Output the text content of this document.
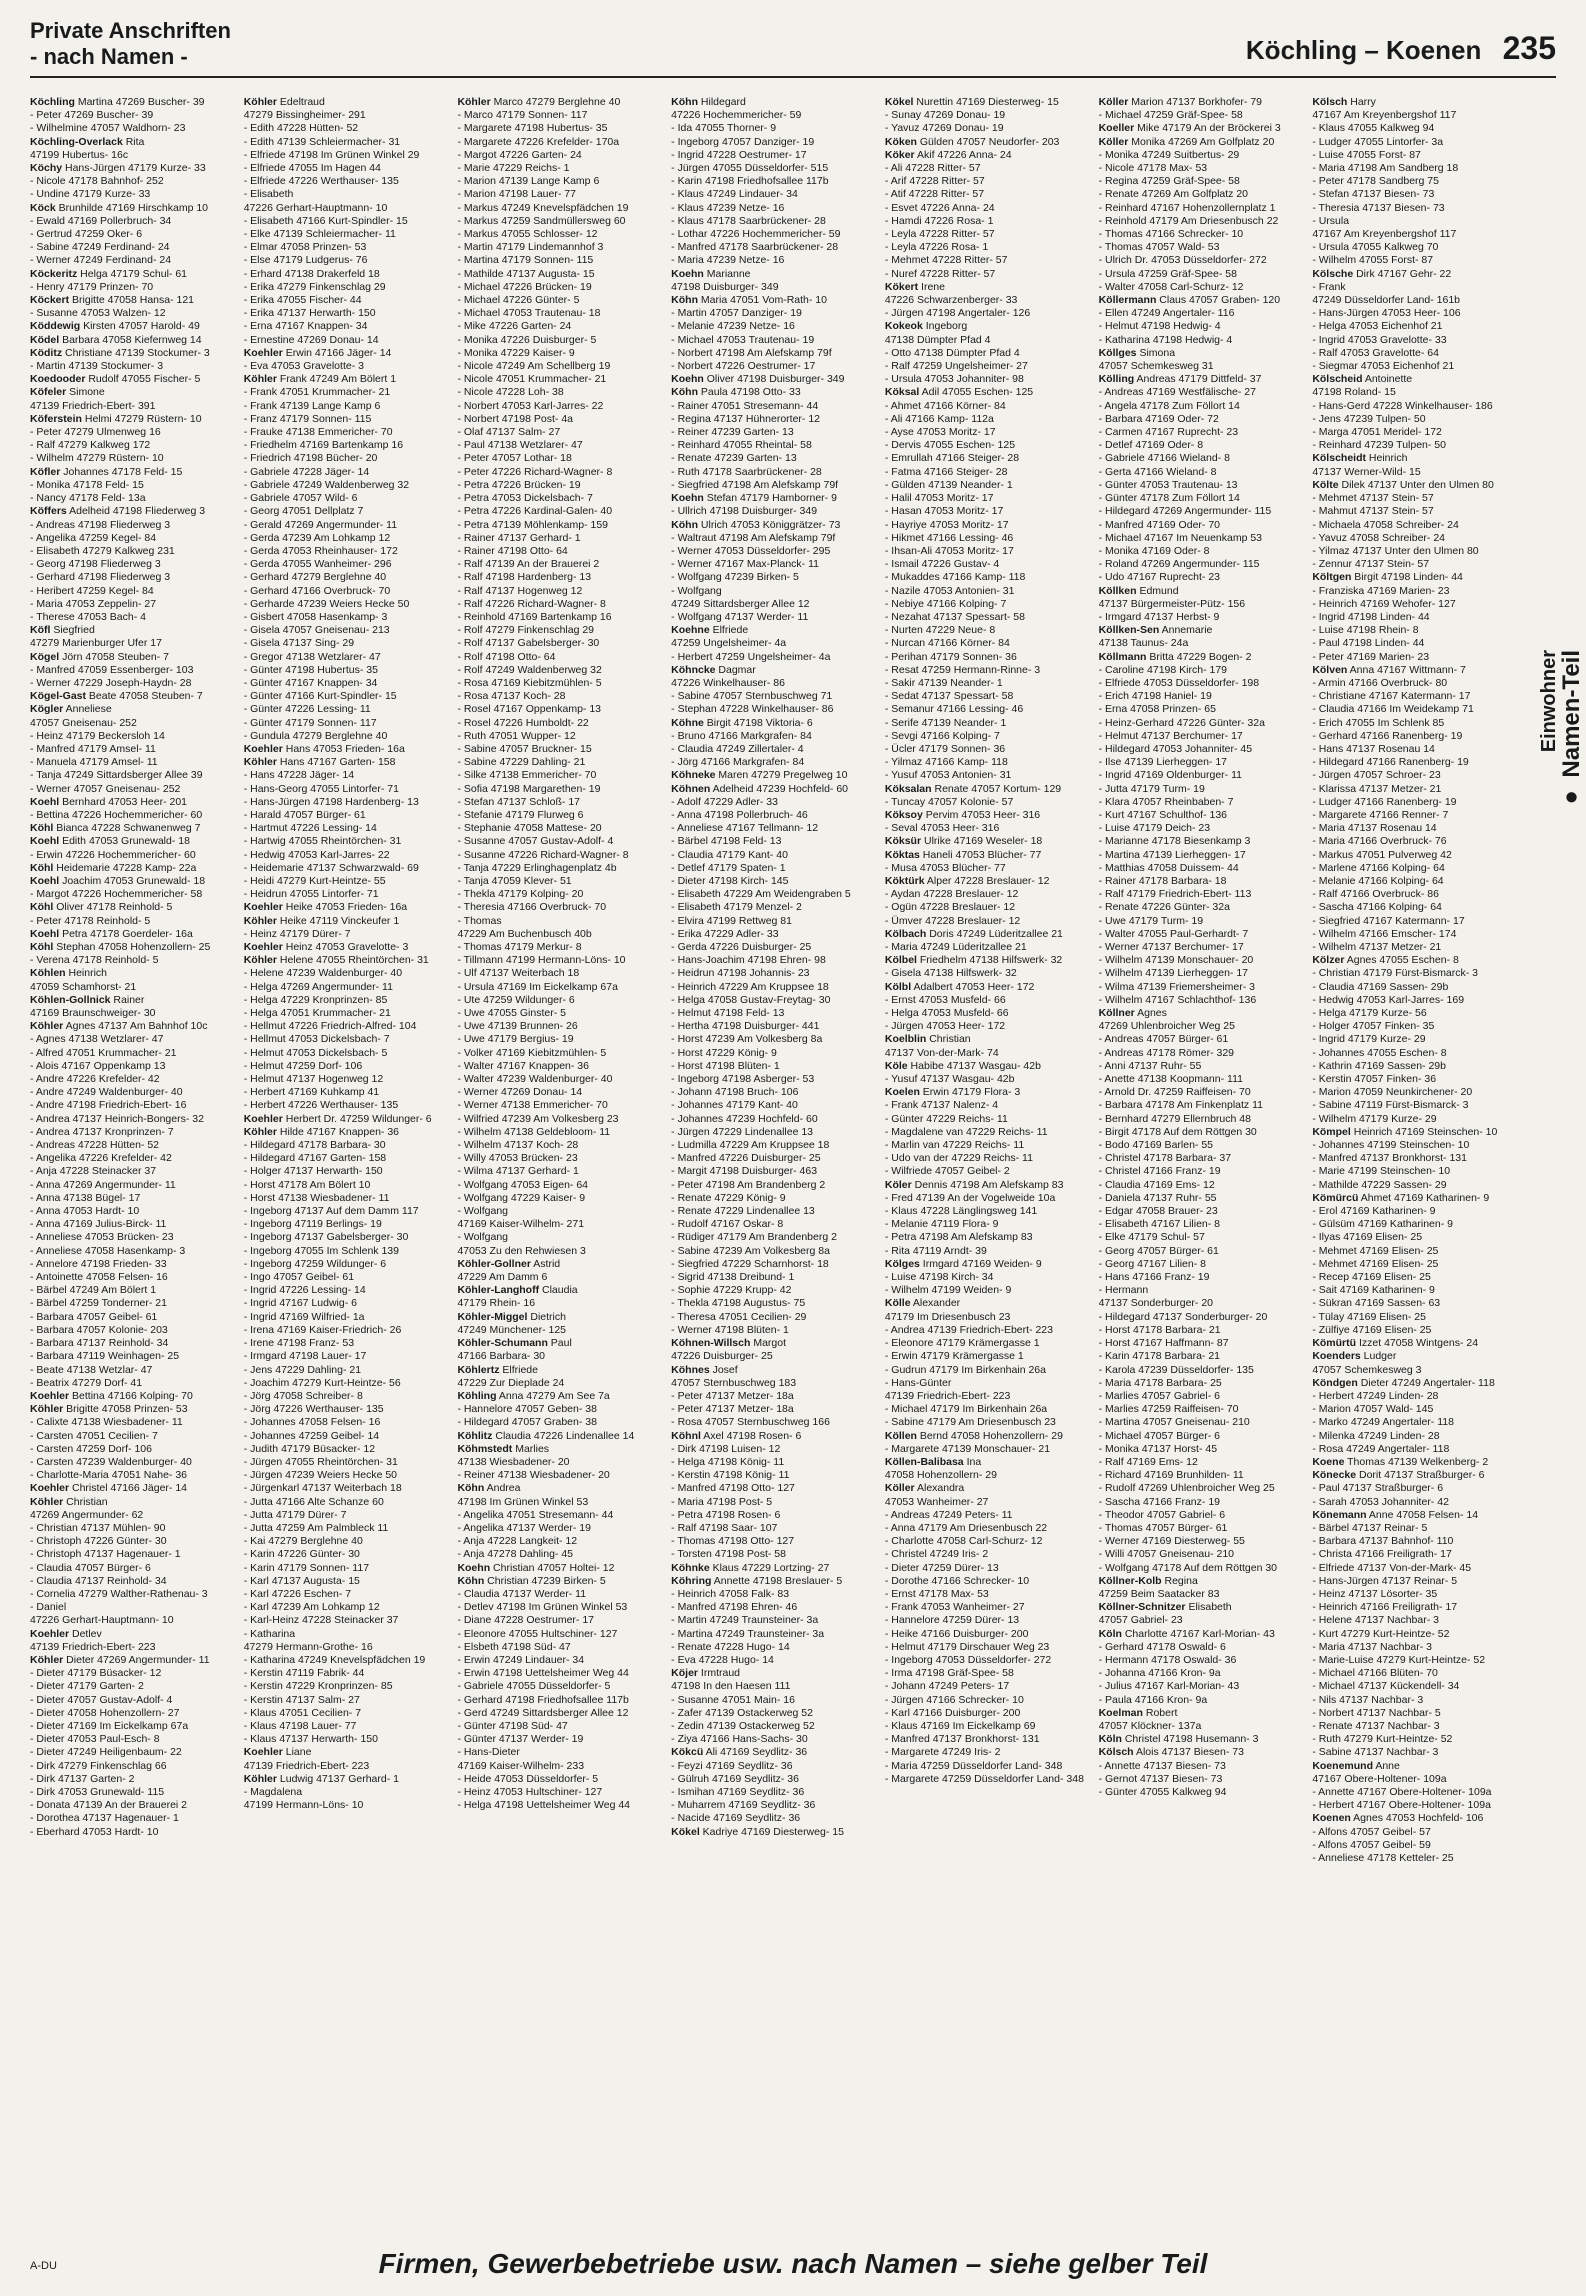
Private Anschriften
- nach Namen -	Köchling – Koenen 235
Köchling Martina 47269 Buscher- 39
- Peter 47269 Buscher- 39
- Wilhelmine 47057 Waldhorn- 23
Köchling-Overlack Rita
47199 Hubertus- 16c
Köchy Hans-Jürgen 47179 Kurze- 33
- Nicole 47178 Bahnhof- 252
- Undine 47179 Kurze- 33
Köck Brunhilde 47169 Hirschkamp 10
- Ewald 47169 Pollerbruch- 34
- Gertrud 47259 Oker- 6
- Sabine 47249 Ferdinand- 24
- Werner 47249 Ferdinand- 24
Köckeritz Helga 47179 Schul- 61
- Henry 47179 Prinzen- 70
Köckert Brigitte 47058 Hansa- 121
- Susanne 47053 Walzen- 12
Köddewig Kirsten 47057 Harold- 49
Ködel Barbara 47058 Kiefernweg 14
Köditz Christiane 47139 Stockumer- 3
- Martin 47139 Stockumer- 3
Koedooder Rudolf 47055 Fischer- 5
Köfeler Simone
47139 Friedrich-Ebert- 391
Köferstein Helmi 47279 Rüstern- 10
- Peter 47279 Ulmenweg 16
- Ralf 47279 Kalkweg 172
- Wilhelm 47279 Rüstern- 10
Köfler Johannes 47178 Feld- 15
- Monika 47178 Feld- 15
- Nancy 47178 Feld- 13a
Köffers Adelheid 47198 Fliederweg 3
- Andreas 47198 Fliederweg 3
- Angelika 47259 Kegel- 84
- Elisabeth 47279 Kalkweg 231
- Georg 47198 Fliederweg 3
- Gerhard 47198 Fliederweg 3
- Heribert 47259 Kegel- 84
- Maria 47053 Zeppelin- 27
- Therese 47053 Bach- 4
Köfl Siegfried
47279 Marienburger Ufer 17
Kögel Jörn 47058 Steuben- 7
- Manfred 47059 Essenberger- 103
- Werner 47229 Joseph-Haydn- 28
Kögel-Gast Beate 47058 Steuben- 7
Kögler Anneliese
47057 Gneisenau- 252
- Heinz 47179 Beckersloh 14
- Manfred 47179 Amsel- 11
- Manuela 47179 Amsel- 11
- Tanja 47249 Sittardsberger Allee 39
- Werner 47057 Gneisenau- 252
Koehl Bernhard 47053 Heer- 201
- Bettina 47226 Hochemmericher- 60
Köhl Bianca 47228 Schwanenweg 7
Koehl Edith 47053 Grunewald- 18
- Erwin 47226 Hochemmericher- 60
Köhl Heidemarie 47228 Kamp- 22a
Koehl Joachim 47053 Grunewald- 18
- Margot 47226 Hochemmericher- 58
Köhl Oliver 47178 Reinhold- 5
- Peter 47178 Reinhold- 5
Koehl Petra 47178 Goerdeler- 16a
Köhl Stephan 47058 Hohenzollern- 25
- Verena 47178 Reinhold- 5
Köhlen Heinrich
47059 Schamhorst- 21
Köhlen-Gollnick Rainer
47169 Braunschweiger- 30
Köhler Agnes 47137 Am Bahnhof 10c
- Agnes 47138 Wetzlarer- 47
- Alfred 47051 Krummacher- 21
- Alois 47167 Oppenkamp 13
- Andre 47226 Krefelder- 42
- Andre 47249 Waldenburger- 40
- Andre 47198 Friedrich-Ebert- 16
- Andrea 47137 Heinrich-Bongers- 32
- Andrea 47137 Kronprinzen- 7
- Andreas 47228 Hütten- 52
- Angelika 47226 Krefelder- 42
- Anja 47228 Steinacker 37
- Anna 47269 Angermunder- 11
- Anna 47138 Bügel- 17
- Anna 47053 Hardt- 10
- Anna 47169 Julius-Birck- 11
- Anneliese 47053 Brücken- 23
- Anneliese 47058 Hasenkamp- 3
- Annelore 47198 Frieden- 33
- Antoinette 47058 Felsen- 16
- Bärbel 47249 Am Bölert 1
- Bärbel 47259 Tonderner- 21
- Barbara 47057 Geibel- 61
- Barbara 47057 Kolonie- 203
- Barbara 47137 Reinhold- 34
- Barbara 47119 Weinhagen- 25
- Beate 47138 Wetzlar- 47
- Beatrix 47279 Dorf- 41
Koehler Bettina 47166 Kolping- 70
Köhler Brigitte 47058 Prinzen- 53
- Calixte 47138 Wiesbadener- 11
- Carsten 47051 Cecilien- 7
- Carsten 47259 Dorf- 106
- Carsten 47239 Waldenburger- 40
- Charlotte-Maria 47051 Nahe- 36
Koehler Christel 47166 Jäger- 14
Köhler Christian
47269 Angermunder- 62
- Christian 47137 Mühlen- 90
- Christoph 47226 Günter- 30
- Christoph 47137 Hagenauer- 1
- Claudia 47057 Bürger- 6
- Claudia 47137 Reinhold- 34
- Cornelia 47279 Walther-Rathenau- 3
- Daniel
47226 Gerhart-Hauptmann- 10
Koehler Detlev
47139 Friedrich-Ebert- 223
Köhler Dieter 47269 Angermunder- 11
- Dieter 47179 Büsacker- 12
- Dieter 47179 Garten- 2
- Dieter 47057 Gustav-Adolf- 4
- Dieter 47058 Hohenzollern- 27
- Dieter 47169 Im Eickelkamp 67a
- Dieter 47053 Paul-Esch- 8
- Dieter 47249 Heiligenbaum- 22
- Dirk 47279 Finkenschlag 66
- Dirk 47137 Garten- 2
- Dirk 47053 Grunewald- 115
- Donata 47139 An der Brauerei 2
- Dorothea 47137 Hagenauer- 1
- Eberhard 47053 Hardt- 10
Köhler Edeltraud
47279 Bissingheimer- 291
- Edith 47228 Hütten- 52
- Edith 47139 Schleiermacher- 31
- Elfriede 47198 Im Grünen Winkel 29
- Elfriede 47055 Im Hagen 44
- Elfriede 47226 Werthauser- 135
- Elisabeth
47226 Gerhart-Hauptmann- 10
- Elisabeth 47166 Kurt-Spindler- 15
- Elke 47139 Schleiermacher- 11
- Elmar 47058 Prinzen- 53
- Else 47179 Ludgerus- 76
- Erhard 47138 Drakerfeld 18
- Erika 47279 Finkenschlag 29
- Erika 47055 Fischer- 44
- Erika 47137 Herwarth- 150
- Erna 47167 Knappen- 34
- Ernestine 47269 Donau- 14
Koehler Erwin 47166 Jäger- 14
- Eva 47053 Gravelotte- 3
Köhler Frank 47249 Am Bölert 1
- Frank 47051 Krummacher- 21
- Frank 47139 Lange Kamp 6
- Franz 47179 Sonnen- 115
- Frauke 47138 Emmericher- 70
- Friedhelm 47169 Bartenkamp 16
- Friedrich 47198 Bücher- 20
- Gabriele 47228 Jäger- 14
- Gabriele 47249 Waldenberweg 32
- Gabriele 47057 Wild- 6
- Georg 47051 Dellplatz 7
- Gerald 47269 Angermunder- 11
- Gerda 47239 Am Lohkamp 12
- Gerda 47053 Rheinhauser- 172
- Gerda 47055 Wanheimer- 296
- Gerhard 47279 Berglehne 40
- Gerhard 47166 Overbruck- 70
- Gerharde 47239 Weiers Hecke 50
- Gisbert 47058 Hasenkamp- 3
- Gisela 47057 Gneisenau- 213
- Gisela 47137 Sing- 29
- Gregor 47138 Wetzlarer- 47
- Günter 47198 Hubertus- 35
- Günter 47167 Knappen- 34
- Günter 47166 Kurt-Spindler- 15
- Günter 47226 Lessing- 11
- Günter 47179 Sonnen- 117
- Gundula 47279 Berglehne 40
Koehler Hans 47053 Frieden- 16a
Köhler Hans 47167 Garten- 158
- Hans 47228 Jäger- 14
- Hans-Georg 47055 Lintorfer- 71
- Hans-Jürgen 47198 Hardenberg- 13
- Harald 47057 Bürger- 61
- Hartmut 47226 Lessing- 14
- Hartwig 47055 Rheintörchen- 31
- Hedwig 47053 Karl-Jarres- 22
- Heidemarie 47137 Schwarzwald- 69
- Heidi 47279 Kurt-Heintze- 55
- Heidrun 47055 Lintorfer- 71
Koehler Heike 47053 Frieden- 16a
Köhler Heike 47119 Vinckeufer 1
- Heinz 47179 Dürer- 7
Koehler Heinz 47053 Gravelotte- 3
Köhler Helene 47055 Rheintörchen- 31
- Helene 47239 Waldenburger- 40
- Helga 47269 Angermunder- 11
- Helga 47229 Kronprinzen- 85
- Helga 47051 Krummacher- 21
- Hellmut 47226 Friedrich-Alfred- 104
- Hellmut 47053 Dickelsbach- 7
- Helmut 47053 Dickelsbach- 5
- Helmut 47259 Dorf- 106
- Helmut 47137 Hogenweg 12
- Herbert 47169 Kuhkamp 41
- Herbert 47226 Werthauser- 135
Koehler Herbert Dr. 47259 Wildunger- 6
Köhler Hilde 47167 Knappen- 36
- Hildegard 47178 Barbara- 30
- Hildegard 47167 Garten- 158
- Holger 47137 Herwarth- 150
- Horst 47178 Am Bölert 10
- Horst 47138 Wiesbadener- 11
- Ingeborg 47137 Auf dem Damm 117
- Ingeborg 47119 Berlings- 19
- Ingeborg 47137 Gabelsberger- 30
- Ingeborg 47055 Im Schlenk 139
- Ingeborg 47259 Wildunger- 6
- Ingo 47057 Geibel- 61
- Ingrid 47226 Lessing- 14
- Ingrid 47167 Ludwig- 6
- Ingrid 47169 Wilfried- 1a
- Irena 47169 Kaiser-Friedrich- 26
- Irene 47198 Franz- 53
- Irmgard 47198 Lauer- 17
- Jens 47229 Dahling- 21
- Joachim 47279 Kurt-Heintze- 56
- Jörg 47058 Schreiber- 8
- Jörg 47226 Werthauser- 135
- Johannes 47058 Felsen- 16
- Johannes 47259 Geibel- 14
- Judith 47179 Büsacker- 12
- Jürgen 47055 Rheintörchen- 31
- Jürgen 47239 Weiers Hecke 50
- Jürgenkarl 47137 Weiterbach 18
- Jutta 47166 Alte Schanze 60
- Jutta 47179 Dürer- 7
- Jutta 47259 Am Palmbleck 11
- Kai 47279 Berglehne 40
- Karin 47226 Günter- 30
- Karin 47179 Sonnen- 117
- Karl 47137 Augusta- 15
- Karl 47226 Eschen- 7
- Karl 47239 Am Lohkamp 12
- Karl-Heinz 47228 Steinacker 37
- Katharina
47279 Hermann-Grothe- 16
- Katharina 47249 Knevelspfädchen 19
- Kerstin 47119 Fabrik- 44
- Kerstin 47229 Kronprinzen- 85
- Kerstin 47137 Salm- 27
- Klaus 47051 Cecilien- 7
- Klaus 47198 Lauer- 77
- Klaus 47137 Herwarth- 150
Koehler Liane
47139 Friedrich-Ebert- 223
Köhler Ludwig 47137 Gerhard- 1
- Magdalena
47199 Hermann-Löns- 10
Köhler Marco 47279 Berglehne 40
- Marco 47179 Sonnen- 117
- Margarete 47198 Hubertus- 35
- Margarete 47226 Krefelder- 170a
- Margot 47226 Garten- 24
- Marie 47229 Reichs- 1
- Marion 47139 Lange Kamp 6
- Marion 47198 Lauer- 77
- Markus 47249 Knevelspfädchen 19
- Markus 47259 Sandmüllersweg 60
- Markus 47055 Schlosser- 12
- Martin 47179 Lindemannhof 3
- Martina 47179 Sonnen- 115
- Mathilde 47137 Augusta- 15
- Michael 47226 Brücken- 19
- Michael 47226 Günter- 5
- Michael 47053 Trautenau- 18
- Mike 47226 Garten- 24
- Monika 47226 Duisburger- 5
- Monika 47229 Kaiser- 9
- Nicole 47249 Am Schellberg 19
- Nicole 47051 Krummacher- 21
- Nicole 47228 Loh- 38
- Norbert 47053 Karl-Jarres- 22
- Norbert 47198 Post- 4a
- Olaf 47137 Salm- 27
- Paul 47138 Wetzlarer- 47
- Peter 47057 Lothar- 18
- Peter 47226 Richard-Wagner- 8
- Petra 47226 Brücken- 19
- Petra 47053 Dickelsbach- 7
- Petra 47226 Kardinal-Galen- 40
- Petra 47139 Möhlenkamp- 159
- Rainer 47137 Gerhard- 1
- Rainer 47198 Otto- 64
- Ralf 47139 An der Brauerei 2
- Ralf 47198 Hardenberg- 13
- Ralf 47137 Hogenweg 12
- Ralf 47226 Richard-Wagner- 8
- Reinhold 47169 Bartenkamp 16
- Rolf 47279 Finkenschlag 29
- Rolf 47137 Gabelsberger- 30
- Rolf 47198 Otto- 64
- Rolf 47249 Waldenberweg 32
- Rosa 47169 Kiebitzmühlen- 5
- Rosa 47137 Koch- 28
- Rosel 47167 Oppenkamp- 13
- Rosel 47226 Humboldt- 22
- Ruth 47051 Wupper- 12
- Sabine 47057 Bruckner- 15
- Sabine 47229 Dahling- 21
- Silke 47138 Emmericher- 70
- Sofia 47198 Margarethen- 19
- Stefan 47137 Schloß- 17
- Stefanie 47179 Flurweg 6
- Stephanie 47058 Mattese- 20
- Susanne 47057 Gustav-Adolf- 4
- Susanne 47226 Richard-Wagner- 8
- Tanja 47229 Erlinghagenplatz 4b
- Tanja 47059 Klever- 51
- Thekla 47179 Kolping- 20
- Theresia 47166 Overbruck- 70
- Thomas
47229 Am Buchenbusch 40b
- Thomas 47179 Merkur- 8
- Tillmann 47199 Hermann-Löns- 10
- Ulf 47137 Weiterbach 18
- Ursula 47169 Im Eickelkamp 67a
- Ute 47259 Wildunger- 6
- Uwe 47055 Ginster- 5
- Uwe 47139 Brunnen- 26
- Uwe 47179 Bergius- 19
- Volker 47169 Kiebitzmühlen- 5
- Walter 47167 Knappen- 36
- Walter 47239 Waldenburger- 40
- Werner 47269 Donau- 14
- Werner 47138 Emmericher- 70
- Wilfried 47239 Am Volkesberg 23
- Wilhelm 47138 Geldebloom- 11
- Wilhelm 47137 Koch- 28
- Willy 47053 Brücken- 23
- Wilma 47137 Gerhard- 1
- Wolfgang 47053 Eigen- 64
- Wolfgang 47229 Kaiser- 9
- Wolfgang
47169 Kaiser-Wilhelm- 271
- Wolfgang
47053 Zu den Rehwiesen 3
Köhler-Gollner Astrid
47229 Am Damm 6
Köhler-Langhoff Claudia
47179 Rhein- 16
Köhler-Miggel Dietrich
47249 Münchener- 125
Köhler-Schumann Paul
47166 Barbara- 30
Köhlertz Elfriede
47229 Zur Dieplade 24
Köhling Anna 47279 Am See 7a
- Hannelore 47057 Geben- 38
- Hildegard 47057 Graben- 38
Köhlitz Claudia 47226 Lindenallee 14
Köhmstedt Marlies
47138 Wiesbadener- 20
- Reiner 47138 Wiesbadener- 20
Köhn Andrea
47198 Im Grünen Winkel 53
- Angelika 47051 Stresemann- 44
- Angelika 47137 Werder- 19
- Anja 47228 Langkeit- 12
- Anja 47278 Dahling- 45
Koehn Christian 47057 Holtei- 12
Köhn Christian 47239 Birken- 5
- Claudia 47137 Werder- 11
- Detlev 47198 Im Grünen Winkel 53
- Diane 47228 Oestrumer- 17
- Eleonore 47055 Hultschiner- 127
- Elsbeth 47198 Süd- 47
- Erwin 47249 Lindauer- 34
- Erwin 47198 Uettelsheimer Weg 44
- Gabriele 47055 Düsseldorfer- 5
- Gerhard 47198 Friedhofsallee 117b
- Gerd 47249 Sittardsberger Allee 12
- Günter 47198 Süd- 47
- Günter 47137 Werder- 19
- Hans-Dieter
47169 Kaiser-Wilhelm- 233
- Heide 47053 Düsseldorfer- 5
- Heinz 47053 Hultschiner- 127
- Helga 47198 Uettelsheimer Weg 44
Köhn Hildegard
47226 Hochemmericher- 59
- Ida 47055 Thorner- 9
- Ingeborg 47057 Danziger- 19
- Ingrid 47228 Oestrumer- 17
- Jürgen 47055 Düsseldorfer- 515
- Karin 47198 Friedhofsallee 117b
- Klaus 47249 Lindauer- 34
- Klaus 47239 Netze- 16
- Klaus 47178 Saarbrückener- 28
- Lothar 47226 Hochemmericher- 59
- Manfred 47178 Saarbrückener- 28
- Maria 47239 Netze- 16
Koehn Marianne
47198 Duisburger- 349
Köhn Maria 47051 Vom-Rath- 10
- Martin 47057 Danziger- 19
- Melanie 47239 Netze- 16
- Michael 47053 Trautenau- 19
- Norbert 47198 Am Alefskamp 79f
- Norbert 47226 Oestrumer- 17
Koehn Oliver 47198 Duisburger- 349
Köhn Paula 47198 Otto- 33
- Rainer 47051 Stresemann- 44
- Regina 47137 Hühnerorter- 12
- Reiner 47239 Garten- 13
- Reinhard 47055 Rheintal- 58
- Renate 47239 Garten- 13
- Ruth 47178 Saarbrückener- 28
- Siegfried 47198 Am Alefskamp 79f
Koehn Stefan 47179 Hamborner- 9
- Ullrich 47198 Duisburger- 349
Köhn Ulrich 47053 Königgrätzer- 73
- Waltraut 47198 Am Alefskamp 79f
- Werner 47053 Düsseldorfer- 295
- Werner 47167 Max-Planck- 11
- Wolfgang 47239 Birken- 5
- Wolfgang
47249 Sittardsberger Allee 12
- Wolfgang 47137 Werder- 11
Koehne Elfriede
47259 Ungelsheimer- 4a
- Herbert 47259 Ungelsheimer- 4a
Köhncke Dagmar
47226 Winkelhauser- 86
- Sabine 47057 Sternbuschweg 71
- Stephan 47228 Winkelhauser- 86
Köhne Birgit 47198 Viktoria- 6
- Bruno 47166 Markgrafen- 84
- Claudia 47249 Zillertaler- 4
- Jörg 47166 Markgrafen- 84
Köhneke Maren 47279 Pregelweg 10
Köhnen Adelheid 47239 Hochfeld- 60
- Adolf 47229 Adler- 33
- Anna 47198 Pollerbruch- 46
- Anneliese 47167 Tellmann- 12
- Bärbel 47198 Feld- 13
- Claudia 47179 Kant- 40
- Detlef 47179 Spaten- 1
- Dieter 47198 Kirch- 145
- Elisabeth 47229 Am Weidengraben 5
- Elisabeth 47179 Menzel- 2
- Elvira 47199 Rettweg 81
- Erika 47229 Adler- 33
- Gerda 47226 Duisburger- 25
- Hans-Joachim 47198 Ehren- 98
- Heidrun 47198 Johannis- 23
- Heinrich 47229 Am Kruppsee 18
- Helga 47058 Gustav-Freytag- 30
- Helmut 47198 Feld- 13
- Hertha 47198 Duisburger- 441
- Horst 47239 Am Volkesberg 8a
- Horst 47229 König- 9
- Horst 47198 Blüten- 1
- Ingeborg 47198 Asberger- 53
- Johann 47198 Bruch- 106
- Johannes 47179 Kant- 40
- Johannes 47239 Hochfeld- 60
- Jürgen 47229 Lindenallee 13
- Ludmilla 47229 Am Kruppsee 18
- Manfred 47226 Duisburger- 25
- Margit 47198 Duisburger- 463
- Peter 47198 Am Brandenberg 2
- Renate 47229 König- 9
- Renate 47229 Lindenallee 13
- Rudolf 47167 Oskar- 8
- Rüdiger 47179 Am Brandenberg 2
- Sabine 47239 Am Volkesberg 8a
- Siegfried 47229 Scharnhorst- 18
- Sigrid 47138 Dreibund- 1
- Sophie 47229 Krupp- 42
- Thekla 47198 Augustus- 75
- Theresa 47051 Cecilien- 29
- Werner 47198 Blüten- 1
Köhnen-Willsch Margot
47226 Duisburger- 25
Köhnes Josef
47057 Sternbuschweg 183
- Peter 47137 Metzer- 18a
- Peter 47137 Metzer- 18a
- Rosa 47057 Sternbuschweg 166
Köhnl Axel 47198 Rosen- 6
- Dirk 47198 Luisen- 12
- Helga 47198 König- 11
- Kerstin 47198 König- 11
- Manfred 47198 Otto- 127
- Maria 47198 Post- 5
- Petra 47198 Rosen- 6
- Ralf 47198 Saar- 107
- Thomas 47198 Otto- 127
- Torsten 47198 Post- 58
Köhnke Klaus 47229 Lortzing- 27
Köhring Annette 47198 Breslauer- 5
- Heinrich 47058 Falk- 83
- Manfred 47198 Ehren- 46
- Martin 47249 Traunsteiner- 3a
- Martina 47249 Traunsteiner- 3a
- Renate 47228 Hugo- 14
- Eva 47228 Hugo- 14
Köjer Irmtraud
47198 In den Haesen 111
- Susanne 47051 Main- 16
- Zafer 47139 Ostackerweg 52
- Zedin 47139 Ostackerweg 52
- Ziya 47166 Hans-Sachs- 30
Kökcü Ali 47169 Seydlitz- 36
- Feyzi 47169 Seydlitz- 36
- Gülruh 47169 Seydlitz- 36
- Ismihan 47169 Seydlitz- 36
- Muharrem 47169 Seydlitz- 36
- Nacide 47169 Seydlitz- 36
Kökel Kadriye 47169 Diesterweg- 15
Kökel Nurettin 47169 Diesterweg- 15
- Sunay 47269 Donau- 19
- Yavuz 47269 Donau- 19
Köken Gülden 47057 Neudorfer- 203
Köker Akif 47226 Anna- 24
- Ali 47228 Ritter- 57
- Arif 47228 Ritter- 57
- Atif 47228 Ritter- 57
- Esvet 47226 Anna- 24
- Hamdi 47226 Rosa- 1
- Leyla 47228 Ritter- 57
- Leyla 47226 Rosa- 1
- Mehmet 47228 Ritter- 57
- Nuref 47228 Ritter- 57
Kökert Irene
47226 Schwarzenberger- 33
- Jürgen 47198 Angertaler- 126
Kokeok Ingeborg
47138 Dümpter Pfad 4
- Otto 47138 Dümpter Pfad 4
- Ralf 47259 Ungelsheimer- 27
- Ursula 47053 Johanniter- 98
Köksal Adil 47055 Eschen- 125
- Ahmet 47166 Körner- 84
- Ali 47166 Kamp- 112a
- Ayse 47053 Moritz- 17
- Dervis 47055 Eschen- 125
- Emrullah 47166 Steiger- 28
- Fatma 47166 Steiger- 28
- Gülden 47139 Neander- 1
- Halil 47053 Moritz- 17
- Hasan 47053 Moritz- 17
- Hayriye 47053 Moritz- 17
- Hikmet 47166 Lessing- 46
- Ihsan-Ali 47053 Moritz- 17
- Ismail 47226 Gustav- 4
- Mukaddes 47166 Kamp- 118
- Nazile 47053 Antonien- 31
- Nebiye 47166 Kolping- 7
- Nezahat 47137 Spessart- 58
- Nurten 47229 Neue- 8
- Nurcan 47166 Körner- 84
- Perihan 47179 Sonnen- 36
- Resat 47259 Hermann-Rinne- 3
- Sakir 47139 Neander- 1
- Sedat 47137 Spessart- 58
- Semanur 47166 Lessing- 46
- Serife 47139 Neander- 1
- Sevgi 47166 Kolping- 7
- Ücler 47179 Sonnen- 36
- Yilmaz 47166 Kamp- 118
- Yusuf 47053 Antonien- 31
Köksalan Renate 47057 Kortum- 129
- Tuncay 47057 Kolonie- 57
Köksoy Pervim 47053 Heer- 316
- Seval 47053 Heer- 316
Köksür Ulrike 47169 Weseler- 18
Köktas Haneli 47053 Blücher- 77
- Musa 47053 Blücher- 77
Köktürk Alper 47228 Breslauer- 12
- Aydan 47228 Breslauer- 12
- Ogün 47228 Breslauer- 12
- Ümver 47228 Breslauer- 12
Kölbach Doris 47249 Lüderitzallee 21
- Maria 47249 Lüderitzallee 21
Kölbel Friedhelm 47138 Hilfswerk- 32
- Gisela 47138 Hilfswerk- 32
Kölbl Adalbert 47053 Heer- 172
- Ernst 47053 Musfeld- 66
- Helga 47053 Musfeld- 66
- Jürgen 47053 Heer- 172
Koelblin Christian
47137 Von-der-Mark- 74
Köle Habibe 47137 Wasgau- 42b
- Yusuf 47137 Wasgau- 42b
Koelen Erwin 47179 Flora- 3
- Frank 47137 Nalenz- 4
- Günter 47229 Reichs- 11
- Magdalene van 47229 Reichs- 11
- Marlin van 47229 Reichs- 11
- Udo van der 47229 Reichs- 11
- Wilfriede 47057 Geibel- 2
Köler Dennis 47198 Am Alefskamp 83
- Fred 47139 An der Vogelweide 10a
- Klaus 47228 Länglingsweg 141
- Melanie 47119 Flora- 9
- Petra 47198 Am Alefskamp 83
- Rita 47119 Arndt- 39
Kölges Irmgard 47169 Weiden- 9
- Luise 47198 Kirch- 34
- Wilhelm 47199 Weiden- 9
Kölle Alexander
47179 Im Driesenbusch 23
- Andrea 47139 Friedrich-Ebert- 223
- Eleonore 47179 Krämergasse 1
- Erwin 47179 Krämergasse 1
- Gudrun 47179 Im Birkenhain 26a
- Hans-Günter
47139 Friedrich-Ebert- 223
- Michael 47179 Im Birkenhain 26a
- Sabine 47179 Am Driesenbusch 23
Köllen Bernd 47058 Hohenzollern- 29
- Margarete 47139 Monschauer- 21
Köllen-Balibasa Ina
47058 Hohenzollern- 29
Köller Alexandra
47053 Wanheimer- 27
- Andreas 47249 Peters- 11
- Anna 47179 Am Driesenbusch 22
- Charlotte 47058 Carl-Schurz- 12
- Christel 47249 Iris- 2
- Dieter 47259 Dürer- 13
- Dorothe 47166 Schrecker- 10
- Ernst 47178 Max- 53
- Frank 47053 Wanheimer- 27
- Hannelore 47259 Dürer- 13
- Heike 47166 Duisburger- 200
- Helmut 47179 Dirschauer Weg 23
- Ingeborg 47053 Düsseldorfer- 272
- Irma 47198 Gräf-Spee- 58
- Johann 47249 Peters- 17
- Jürgen 47166 Schrecker- 10
- Karl 47166 Duisburger- 200
- Klaus 47169 Im Eickelkamp 69
- Manfred 47137 Bronkhorst- 131
- Margarete 47249 Iris- 2
- Maria 47259 Düsseldorfer Land- 348
- Margarete 47259 Düsseldorfer Land- 348
Köller Marion 47137 Borkhofer- 79
- Michael 47259 Gräf-Spee- 58
Koeller Mike 47179 An der Bröckerei 3
Köller Monika 47269 Am Golfplatz 20
- Monika 47249 Suitbertus- 29
- Nicole 47178 Max- 53
- Regina 47259 Gräf-Spee- 58
- Renate 47269 Am Golfplatz 20
- Reinhard 47167 Hohenzollernplatz 1
- Reinhold 47179 Am Driesenbusch 22
- Thomas 47166 Schrecker- 10
- Thomas 47057 Wald- 53
- Ulrich Dr. 47053 Düsseldorfer- 272
- Ursula 47259 Gräf-Spee- 58
- Walter 47058 Carl-Schurz- 12
Köllermann Claus 47057 Graben- 120
- Ellen 47249 Angertaler- 116
- Helmut 47198 Hedwig- 4
- Katharina 47198 Hedwig- 4
Köllges Simona
47057 Schemkesweg 31
Kölling Andreas 47179 Dittfeld- 37
- Andreas 47169 Westfälische- 27
- Angela 47178 Zum Föllort 14
- Barbara 47169 Oder- 72
- Carmen 47167 Ruprecht- 23
- Detlef 47169 Oder- 8
- Gabriele 47166 Wieland- 8
- Gerta 47166 Wieland- 8
- Günter 47053 Trautenau- 13
- Günter 47178 Zum Föllort 14
- Hildegard 47269 Angermunder- 115
- Manfred 47169 Oder- 70
- Michael 47167 Im Neuenkamp 53
- Monika 47169 Oder- 8
- Roland 47269 Angermunder- 115
- Udo 47167 Ruprecht- 23
Köllken Edmund
47137 Bürgermeister-Pütz- 156
- Irmgard 47137 Herbst- 9
Köllken-Sen Annemarie
47138 Taunus- 24a
Köllmann Britta 47229 Bogen- 2
- Caroline 47198 Kirch- 179
- Elfriede 47053 Düsseldorfer- 198
- Erich 47198 Haniel- 19
- Erna 47058 Prinzen- 65
- Heinz-Gerhard 47226 Günter- 32a
- Helmut 47137 Berchumer- 17
- Hildegard 47053 Johanniter- 45
- Ilse 47139 Lierheggen- 17
- Ingrid 47169 Oldenburger- 11
- Jutta 47179 Turm- 19
- Klara 47057 Rheinbaben- 7
- Kurt 47167 Schulthof- 136
- Luise 47179 Deich- 23
- Marianne 47178 Biesenkamp 3
- Martina 47139 Lierheggen- 17
- Matthias 47058 Duissem- 44
- Rainer 47178 Barbara- 18
- Ralf 47179 Friedrich-Ebert- 113
- Renate 47226 Günter- 32a
- Uwe 47179 Turm- 19
- Walter 47055 Paul-Gerhardt- 7
- Werner 47137 Berchumer- 17
- Wilhelm 47139 Monschauer- 20
- Wilhelm 47139 Lierheggen- 17
- Wilma 47139 Friemersheimer- 3
- Wilhelm 47167 Schlachthof- 136
Köllner Agnes
47269 Uhlenbroicher Weg 25
- Andreas 47057 Bürger- 61
- Andreas 47178 Römer- 329
- Anni 47137 Ruhr- 55
- Anette 47138 Koopmann- 111
- Arnold Dr. 47259 Raiffeisen- 70
- Barbara 47178 Am Finkenplatz 11
- Bernhard 47279 Ellernbruch 48
- Birgit 47178 Auf dem Röttgen 30
- Bodo 47169 Barlen- 55
- Christel 47178 Barbara- 37
- Christel 47166 Franz- 19
- Claudia 47169 Ems- 12
- Daniela 47137 Ruhr- 55
- Edgar 47058 Brauer- 23
- Elisabeth 47167 Lilien- 8
- Elke 47179 Schul- 57
- Georg 47057 Bürger- 61
- Georg 47167 Lilien- 8
- Hans 47166 Franz- 19
- Hermann
47137 Sonderburger- 20
- Hildegard 47137 Sonderburger- 20
- Horst 47178 Barbara- 21
- Horst 47167 Haffmann- 87
- Karin 47178 Barbara- 21
- Karola 47239 Düsseldorfer- 135
- Maria 47178 Barbara- 25
- Marlies 47057 Gabriel- 6
- Marlies 47259 Raiffeisen- 70
- Martina 47057 Gneisenau- 210
- Michael 47057 Bürger- 6
- Monika 47137 Horst- 45
- Ralf 47169 Ems- 12
- Richard 47169 Brunhilden- 11
- Rudolf 47269 Uhlenbroicher Weg 25
- Sascha 47166 Franz- 19
- Theodor 47057 Gabriel- 6
- Thomas 47057 Bürger- 61
- Werner 47169 Diesterweg- 55
- Willi 47057 Gneisenau- 210
- Wolfgang 47178 Auf dem Röttgen 30
Köllner-Kolb Regina
47259 Beim Saatacker 83
Köllner-Schnitzer Elisabeth
47057 Gabriel- 23
Köln Charlotte 47167 Karl-Morian- 43
- Gerhard 47178 Oswald- 6
- Hermann 47178 Oswald- 36
- Johanna 47166 Kron- 9a
- Julius 47167 Karl-Morian- 43
- Paula 47166 Kron- 9a
Koelman Robert
47057 Klöckner- 137a
Köln Christel 47198 Husemann- 3
Kölsch Alois 47137 Biesen- 73
- Annette 47137 Biesen- 73
- Gernot 47137 Biesen- 73
- Günter 47055 Kalkweg 94
Kölsch Harry
47167 Am Kreyenbergshof 117
- Klaus 47055 Kalkweg 94
- Ludger 47055 Lintorfer- 3a
- Luise 47055 Forst- 87
- Maria 47198 Am Sandberg 18
- Peter 47178 Sandberg 75
- Stefan 47137 Biesen- 73
- Theresia 47137 Biesen- 73
- Ursula
47167 Am Kreyenbergshof 117
- Ursula 47055 Kalkweg 70
- Wilhelm 47055 Forst- 87
Kölsche Dirk 47167 Gehr- 22
- Frank
47249 Düsseldorfer Land- 161b
- Hans-Jürgen 47053 Heer- 106
- Helga 47053 Eichenhof 21
- Ingrid 47053 Gravelotte- 33
- Ralf 47053 Gravelotte- 64
- Siegmar 47053 Eichenhof 21
Kölscheid Antoinette
47198 Roland- 15
- Hans-Gerd 47228 Winkelhauser- 186
- Jens 47239 Tulpen- 50
- Marga 47051 Meridel- 172
- Reinhard 47239 Tulpen- 50
Kölscheidt Heinrich
47137 Werner-Wild- 15
Költe Dilek 47137 Unter den Ulmen 80
- Mehmet 47137 Stein- 57
- Mahmut 47137 Stein- 57
- Michaela 47058 Schreiber- 24
- Yavuz 47058 Schreiber- 24
- Yilmaz 47137 Unter den Ulmen 80
- Zennur 47137 Stein- 57
Költgen Birgit 47198 Linden- 44
- Franziska 47169 Marien- 23
- Heinrich 47169 Wehofer- 127
- Ingrid 47198 Linden- 44
- Luise 47198 Rhein- 8
- Paul 47198 Linden- 44
- Peter 47169 Marien- 23
Kölven Anna 47167 Wittmann- 7
- Armin 47166 Overbruck- 80
- Christiane 47167 Katermann- 17
- Claudia 47166 Im Weidekamp 71
- Erich 47055 Im Schlenk 85
- Gerhard 47166 Ranenberg- 19
- Hans 47137 Rosenau 14
- Hildegard 47166 Ranenberg- 19
- Jürgen 47057 Schroer- 23
- Klarissa 47137 Metzer- 21
- Ludger 47166 Ranenberg- 19
- Margarete 47166 Renner- 7
- Maria 47137 Rosenau 14
- Maria 47166 Overbruck- 76
- Markus 47051 Pulverweg 42
- Marlene 47166 Kolping- 64
- Melanie 47166 Kolping- 64
- Ralf 47166 Overbruck- 86
- Sascha 47166 Kolping- 64
- Siegfried 47167 Katermann- 17
- Wilhelm 47166 Emscher- 174
- Wilhelm 47137 Metzer- 21
Kölzer Agnes 47055 Eschen- 8
- Christian 47179 Fürst-Bismarck- 3
- Claudia 47169 Sassen- 29b
- Hedwig 47053 Karl-Jarres- 169
- Helga 47179 Kurze- 56
- Holger 47057 Finken- 35
- Ingrid 47179 Kurze- 29
- Johannes 47055 Eschen- 8
- Kathrin 47169 Sassen- 29b
- Kerstin 47057 Finken- 36
- Marion 47059 Neunkirchener- 20
- Sabine 47119 Fürst-Bismarck- 3
- Wilhelm 47179 Kurze- 29
Kömpel Heinrich 47169 Steinschen- 10
- Johannes 47199 Steinschen- 10
- Manfred 47137 Bronkhorst- 131
- Marie 47199 Steinschen- 10
- Mathilde 47229 Sassen- 29
Kömürcü Ahmet 47169 Katharinen- 9
- Erol 47169 Katharinen- 9
- Gülsüm 47169 Katharinen- 9
- Ilyas 47169 Elisen- 25
- Mehmet 47169 Elisen- 25
- Mehmet 47169 Elisen- 25
- Recep 47169 Elisen- 25
- Sait 47169 Katharinen- 9
- Sükran 47169 Sassen- 63
- Tülay 47169 Elisen- 25
- Zülfiye 47169 Elisen- 25
Kömürtü Izzet 47058 Wintgens- 24
Koenders Ludger
47057 Schemkesweg 3
Köndgen Dieter 47249 Angertaler- 118
- Herbert 47249 Linden- 28
- Marion 47057 Wald- 145
- Marko 47249 Angertaler- 118
- Milenka 47249 Linden- 28
- Rosa 47249 Angertaler- 118
Koene Thomas 47139 Welkenberg- 2
Könecke Dorit 47137 Straßburger- 6
- Paul 47137 Straßburger- 6
- Sarah 47053 Johanniter- 42
Könemann Anne 47058 Felsen- 14
- Bärbel 47137 Reinar- 5
- Barbara 47137 Bahnhof- 110
- Christa 47166 Freiligrath- 17
- Elfriede 47137 Von-der-Mark- 45
- Hans-Jürgen 47137 Reinar- 5
- Heinz 47137 Lösorter- 35
- Heinrich 47166 Freiligrath- 17
- Helene 47137 Nachbar- 3
- Kurt 47279 Kurt-Heintze- 52
- Maria 47137 Nachbar- 3
- Marie-Luise 47279 Kurt-Heintze- 52
- Michael 47166 Blüten- 70
- Michael 47137 Kückendell- 34
- Nils 47137 Nachbar- 3
- Norbert 47137 Nachbar- 5
- Renate 47137 Nachbar- 3
- Ruth 47279 Kurt-Heintze- 52
- Sabine 47137 Nachbar- 3
Koenemund Anne
47167 Obere-Holtener- 109a
- Annette 47167 Obere-Holtener- 109a
- Herbert 47167 Obere-Holtener- 109a
Koenen Agnes 47053 Hochfeld- 106
- Alfons 47057 Geibel- 57
- Alfons 47057 Geibel- 59
- Anneliese 47178 Ketteler- 25
Einwohner
● Namen-Teil
A-DU	Firmen, Gewerbebetriebe usw. nach Namen – siehe gelber Teil
